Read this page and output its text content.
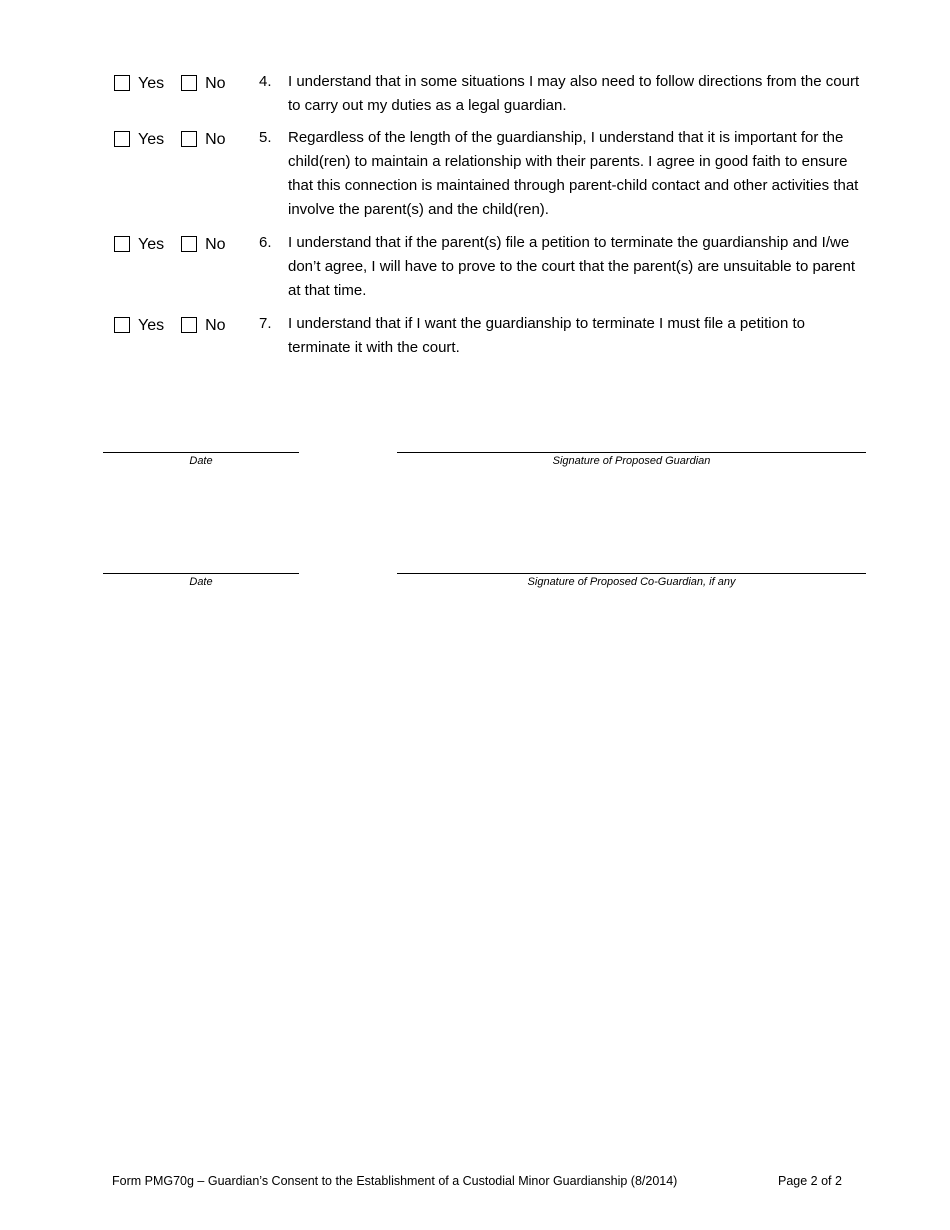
Yes	No 4. I understand that in some situations I may also need to follow directions from the court to carry out my duties as a legal guardian.
Yes	No 5. Regardless of the length of the guardianship, I understand that it is important for the child(ren) to maintain a relationship with their parents. I agree in good faith to ensure that this connection is maintained through parent-child contact and other activities that involve the parent(s) and the child(ren).
Yes	No 6. I understand that if the parent(s) file a petition to terminate the guardianship and I/we don’t agree, I will have to prove to the court that the parent(s) are unsuitable to parent at that time.
Yes	No 7. I understand that if I want the guardianship to terminate I must file a petition to terminate it with the court.
Date	Signature of Proposed Guardian
Date	Signature of Proposed Co-Guardian, if any
Form PMG70g – Guardian’s Consent to the Establishment of a Custodial Minor Guardianship (8/2014)	Page 2 of 2
